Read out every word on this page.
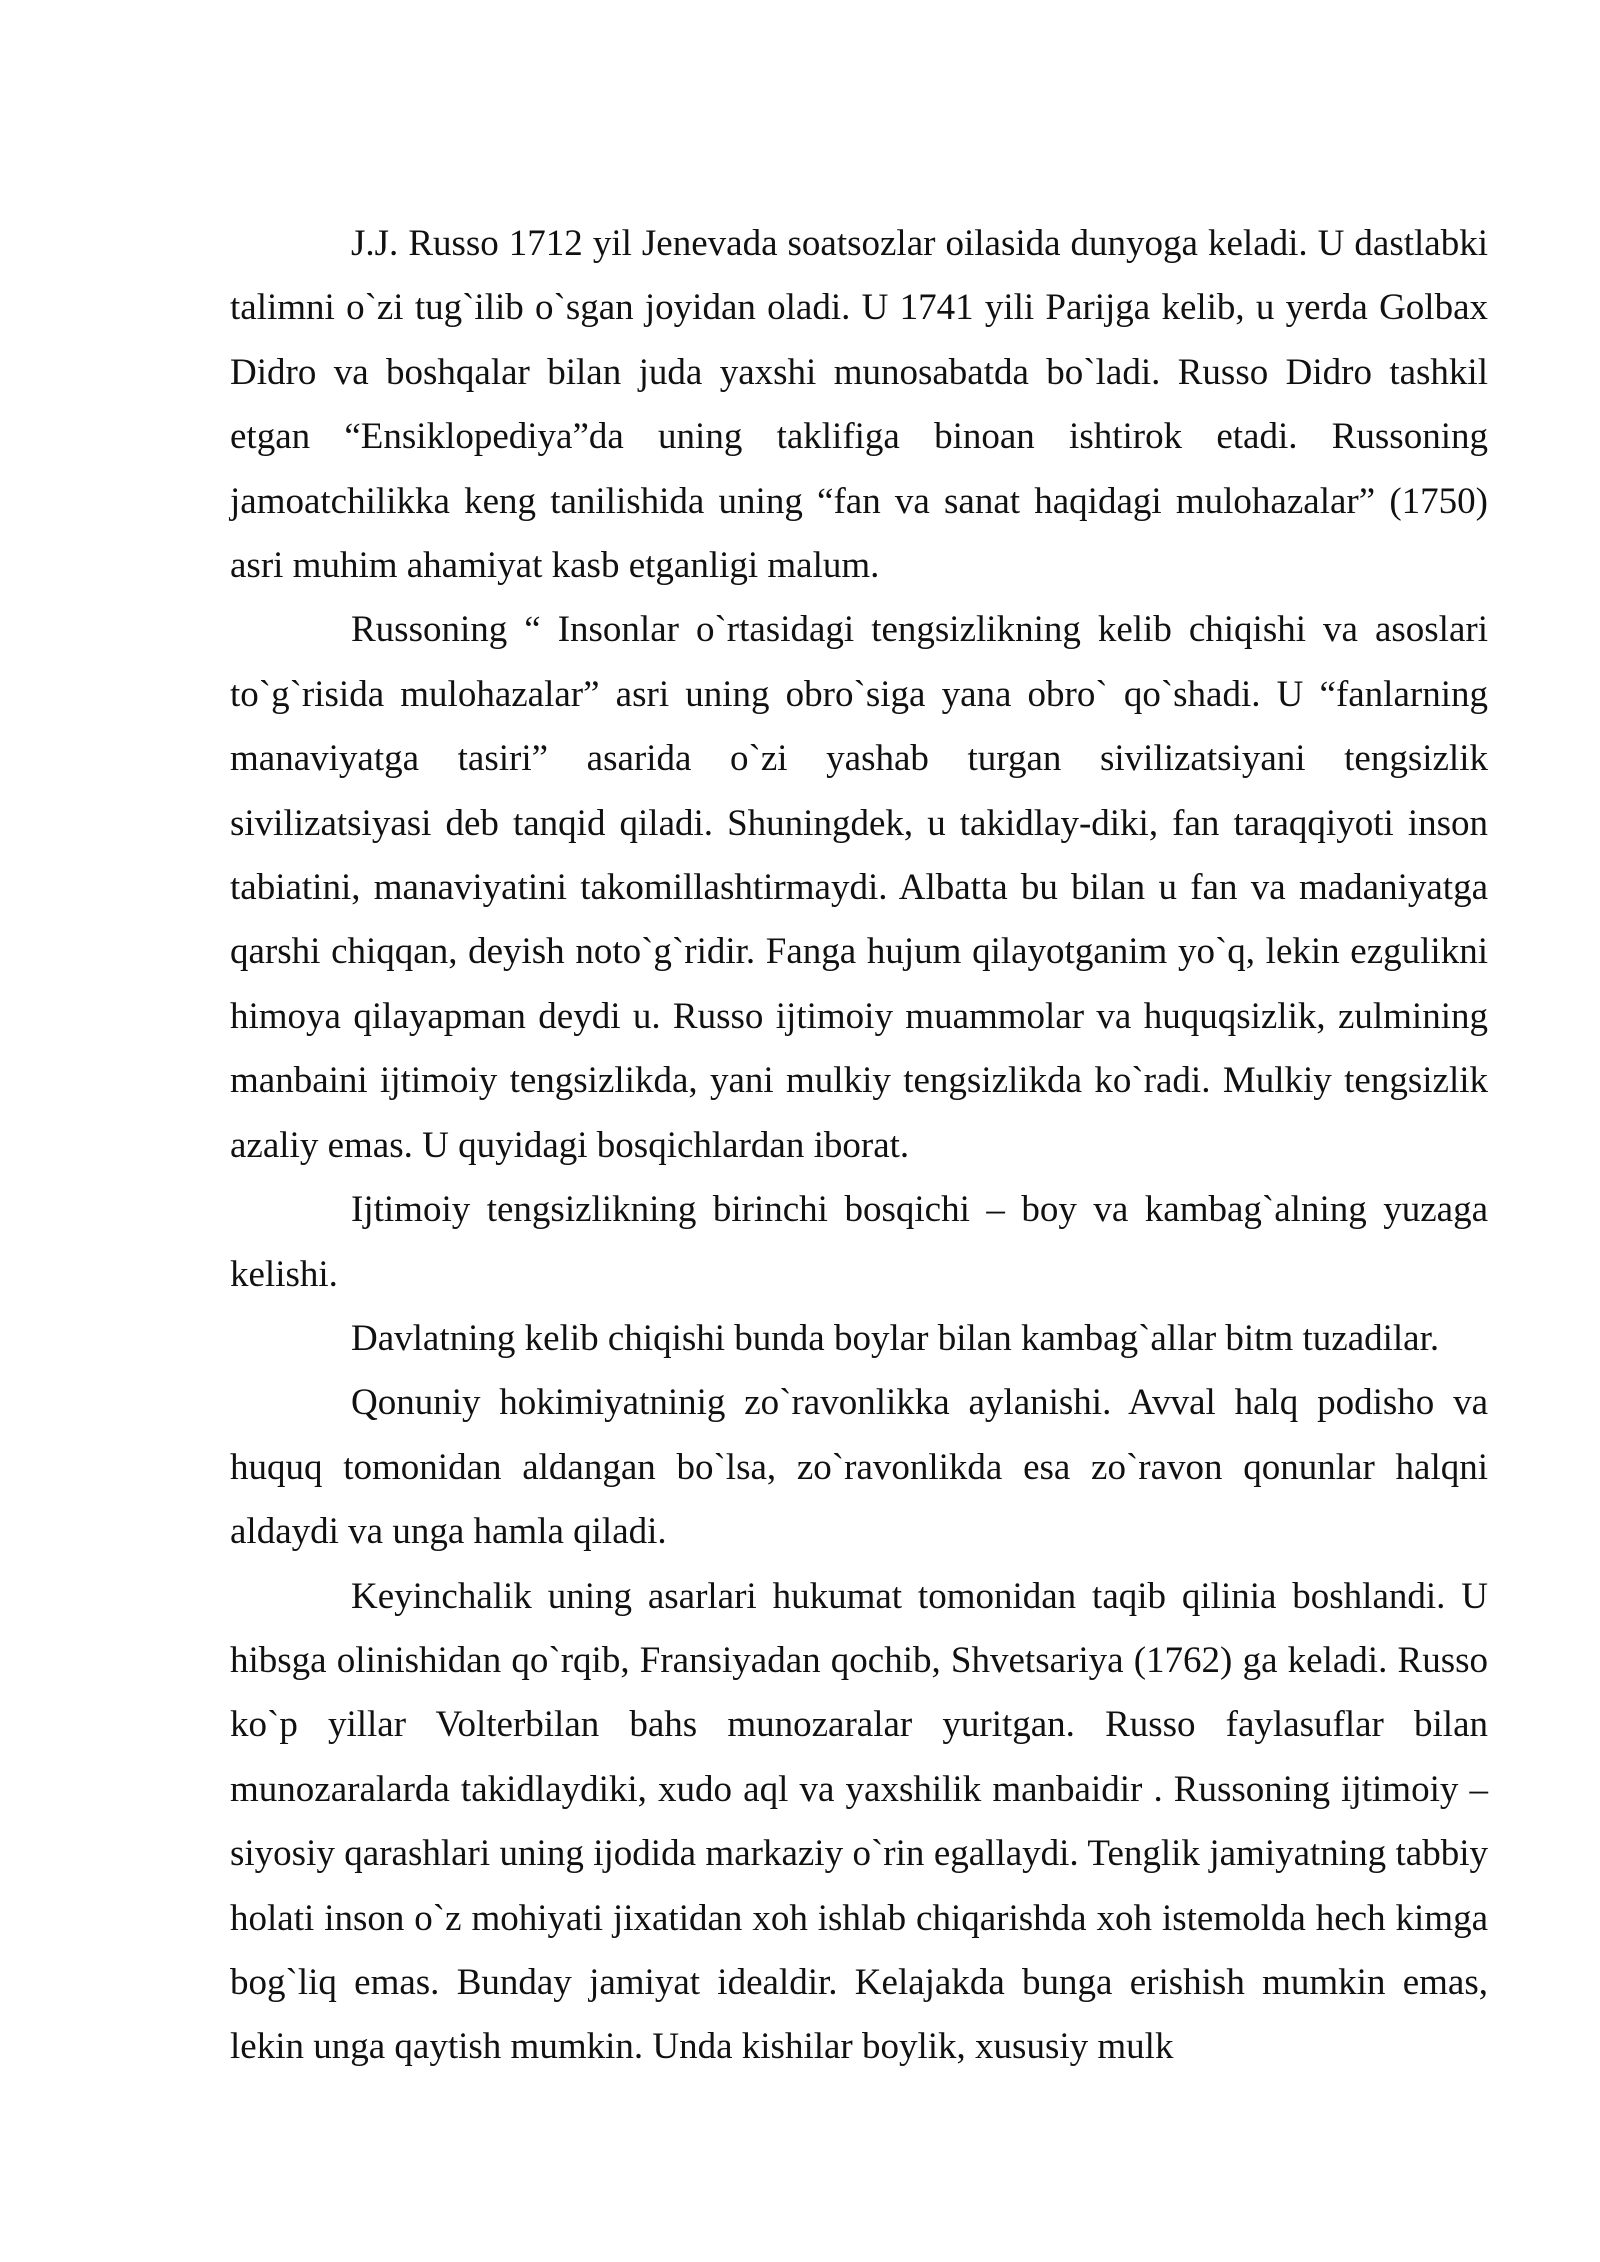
J.J. Russo 1712 yil Jenevada soatsozlar oilasida dunyoga keladi. U dastlabki talimni o`zi tug`ilib o`sgan joyidan oladi. U 1741 yili Parijga kelib, u yerda Golbax Didro va boshqalar bilan juda yaxshi munosabatda bo`ladi. Russo Didro tashkil etgan “Ensiklopediya”da uning taklifiga binoan ishtirok etadi. Russoning jamoatchilikka keng tanilishida uning “fan va sanat haqidagi mulohazalar” (1750) asri muhim ahamiyat kasb etganligi malum.

Russoning “ Insonlar o`rtasidagi tengsizlikning kelib chiqishi va asoslari to`g`risida mulohazalar” asri uning obro`siga yana obro` qo`shadi. U “fanlarning manaviyatga tasiri” asarida o`zi yashab turgan sivilizatsiyani tengsizlik sivilizatsiyasi deb tanqid qiladi. Shuningdek, u takidlay-diki, fan taraqqiyoti inson tabiatini, manaviyatini takomillashtirmaydi. Albatta bu bilan u fan va madaniyatga qarshi chiqqan, deyish noto`g`ridir. Fanga hujum qilayotganim yo`q, lekin ezgulikni himoya qilayapman deydi u. Russo ijtimoiy muammolar va huquqsizlik, zulmining manbaini ijtimoiy tengsizlikda, yani mulkiy tengsizlikda ko`radi. Mulkiy tengsizlik azaliy emas. U quyidagi bosqichlardan iborat.

Ijtimoiy tengsizlikning birinchi bosqichi – boy va kambag`alning yuzaga kelishi.

Davlatning kelib chiqishi bunda boylar bilan kambag`allar bitm tuzadilar.

Qonuniy hokimiyatninig zo`ravonlikka aylanishi. Avval halq podisho va huquq tomonidan aldangan bo`lsa, zo`ravonlikda esa zo`ravon qonunlar halqni aldaydi va unga hamla qiladi.

Keyinchalik uning asarlari hukumat tomonidan taqib qilinia boshlandi. U hibsga olinishidan qo`rqib, Fransiyadan qochib, Shvetsariya (1762) ga keladi. Russo ko`p yillar Volterbilan bahs munozaralar yuritgan. Russo faylasuflar bilan munozaralarda takidlaydiki, xudo aql va yaxshilik manbaidir . Russoning ijtimoiy – siyosiy qarashlari uning ijodida markaziy o`rin egallaydi. Tenglik jamiyatning tabbiy holati inson o`z mohiyati jixatidan xoh ishlab chiqarishda xoh istemolda hech kimga bog`liq emas. Bunday jamiyat idealdir. Kelajakda bunga erishish mumkin emas, lekin unga qaytish mumkin. Unda kishilar boylik, xususiy mulk
